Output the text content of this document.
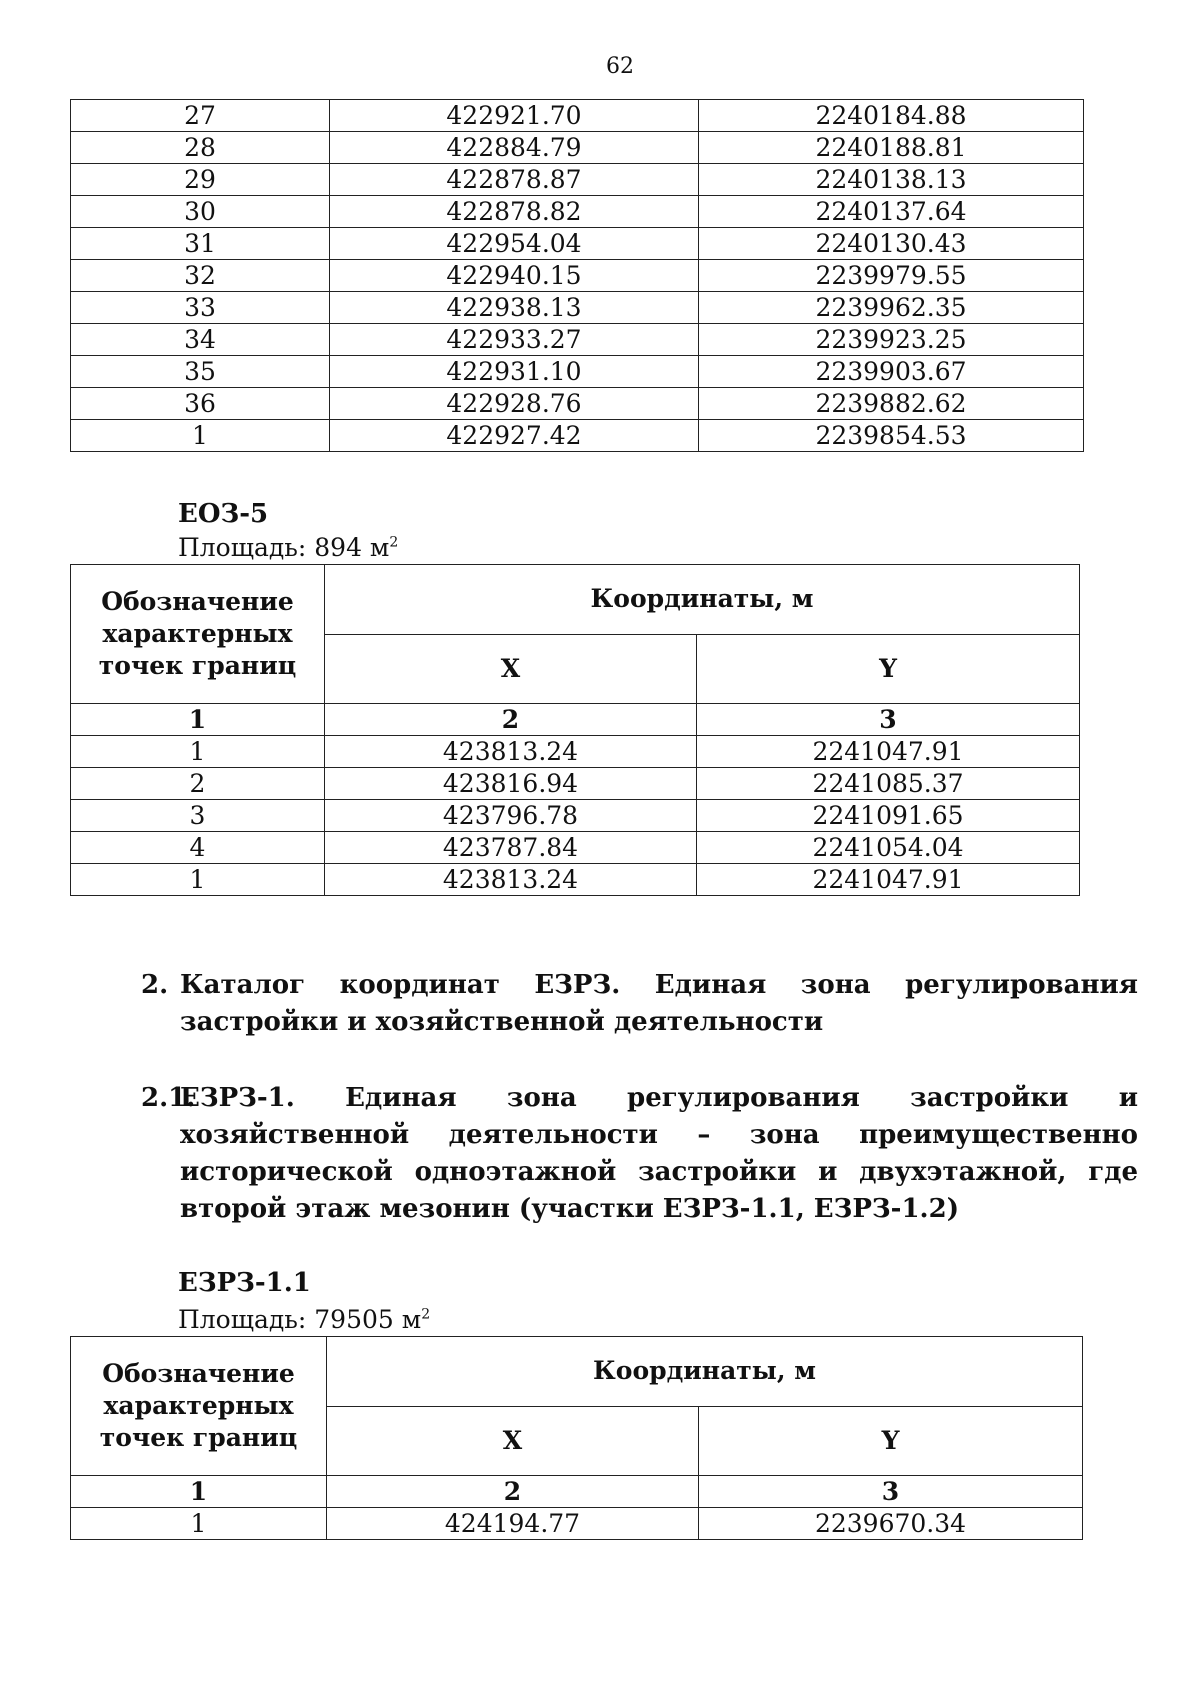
62
27	422921.70	2240184.88
28	422884.79	2240188.81
29	422878.87	2240138.13
30	422878.82	2240137.64
31	422954.04	2240130.43
32	422940.15	2239979.55
33	422938.13	2239962.35
34	422933.27	2239923.25
35	422931.10	2239903.67
36	422928.76	2239882.62
1	422927.42	2239854.53
ЕОЗ-5
Площадь: 894 $м^2$
Обозначение характерных точек границ	Координаты, м	
	X	Y
1	2	3
1	423813.24	2241047.91
2	423816.94	2241085.37
3	423796.78	2241091.65
4	423787.84	2241054.04
1	423813.24	2241047.91
2. Каталог координат ЕЗРЗ. Единая зона регулирования застройки и хозяйственной деятельности
2.1.
ЕЗРЗ-1. Единая зона регулирования застройки и хозяйственной деятельности – зона преимущественно исторической одноэтажной застройки и двухэтажной, где второй этаж мезонин (участки ЕЗРЗ-1.1, ЕЗРЗ-1.2)
ЕЗРЗ-1.1
Площадь: 79505 $м^2$
Обозначение характерных точек границ	Координаты, м	
	X	Y
1	2	3
1	424194.77	2239670.34
